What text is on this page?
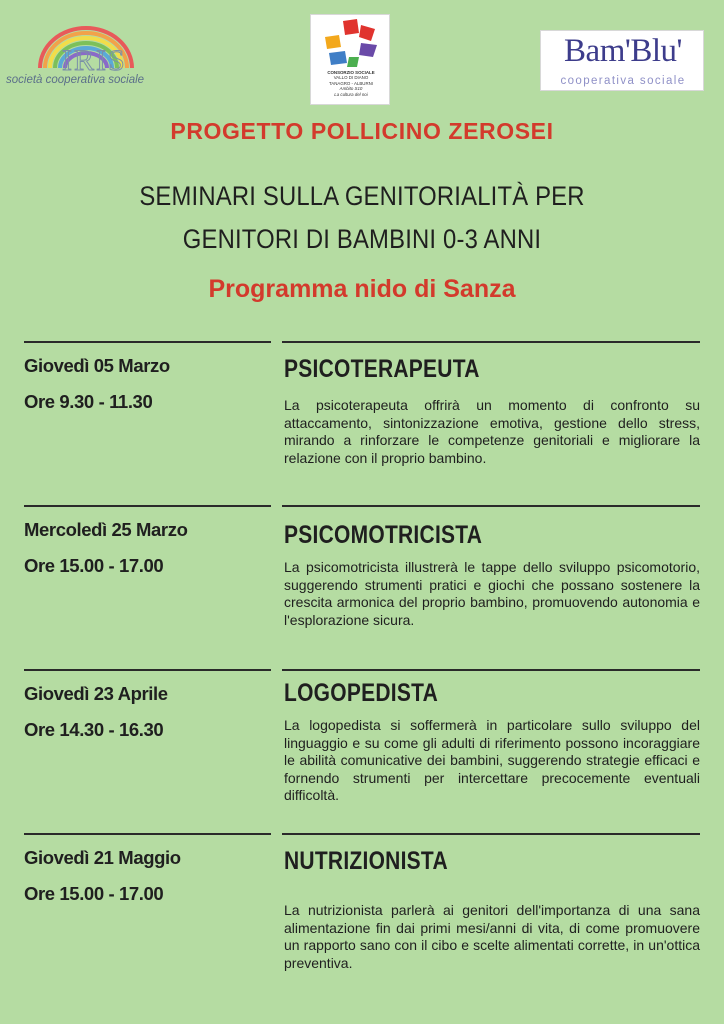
IRIS
società cooperativa sociale
CONSORZIO SOCIALE
VALLO DI DIANO
TANAGRO - ALBURNI
Ambito S10
La cultura del noi
Bam'Blu'
cooperativa sociale
PROGETTO POLLICINO ZEROSEI
SEMINARI SULLA GENITORIALITÀ PER
GENITORI DI BAMBINI 0-3 ANNI
Programma nido di Sanza
Giovedì 05 Marzo
Ore 9.30 - 11.30
PSICOTERAPEUTA
La psicoterapeuta offrirà un momento di confronto su attaccamento, sintonizzazione emotiva, gestione dello stress, mirando a rinforzare le competenze genitoriali e migliorare la relazione con il proprio bambino.
Mercoledì 25 Marzo
Ore 15.00 - 17.00
PSICOMOTRICISTA
La psicomotricista illustrerà le tappe dello sviluppo psicomotorio, suggerendo strumenti pratici e giochi che possano sostenere la crescita armonica del proprio bambino, promuovendo autonomia e l'esplorazione sicura.
Giovedì 23 Aprile
Ore 14.30 - 16.30
LOGOPEDISTA
La logopedista si soffermerà in particolare sullo sviluppo del linguaggio e su come gli adulti di riferimento possono incoraggiare le abilità comunicative dei bambini, suggerendo strategie efficaci e fornendo strumenti per intercettare precocemente eventuali difficoltà.
Giovedì 21 Maggio
Ore 15.00 - 17.00
NUTRIZIONISTA
La nutrizionista parlerà ai genitori dell'importanza di una sana alimentazione fin dai primi mesi/anni di vita, di come promuovere un rapporto sano con il cibo e scelte alimentati corrette, in un'ottica preventiva.
